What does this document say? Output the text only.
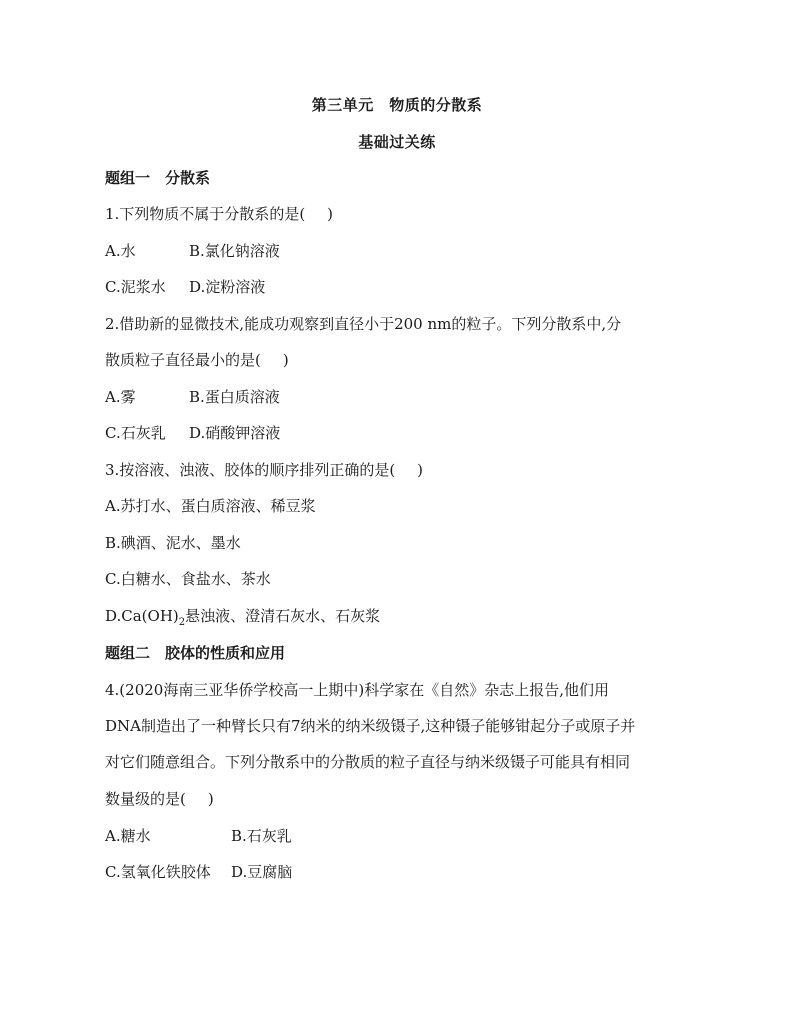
第三单元　物质的分散系
基础过关练
题组一　分散系
1.下列物质不属于分散系的是( )
A.水	B.氯化钠溶液
C.泥浆水 D.淀粉溶液
2.借助新的显微技术,能成功观察到直径小于200 nm的粒子。下列分散系中,分
散质粒子直径最小的是( )
A.雾	B.蛋白质溶液
C.石灰乳 D.硝酸钾溶液
3.按溶液、浊液、胶体的顺序排列正确的是( )
A.苏打水、蛋白质溶液、稀豆浆
B.碘酒、泥水、墨水
C.白糖水、食盐水、茶水
$D.Ca(OH)_2$悬浊液、澄清石灰水、石灰浆
题组二　胶体的性质和应用
4.(2020海南三亚华侨学校高一上期中)科学家在《自然》杂志上报告,他们用
DNA制造出了一种臂长只有7纳米的纳米级镊子,这种镊子能够钳起分子或原子并
对它们随意组合。下列分散系中的分散质的粒子直径与纳米级镊子可能具有相同
数量级的是( )
A.糖水	B.石灰乳
C.氢氧化铁胶体 D.豆腐脑
